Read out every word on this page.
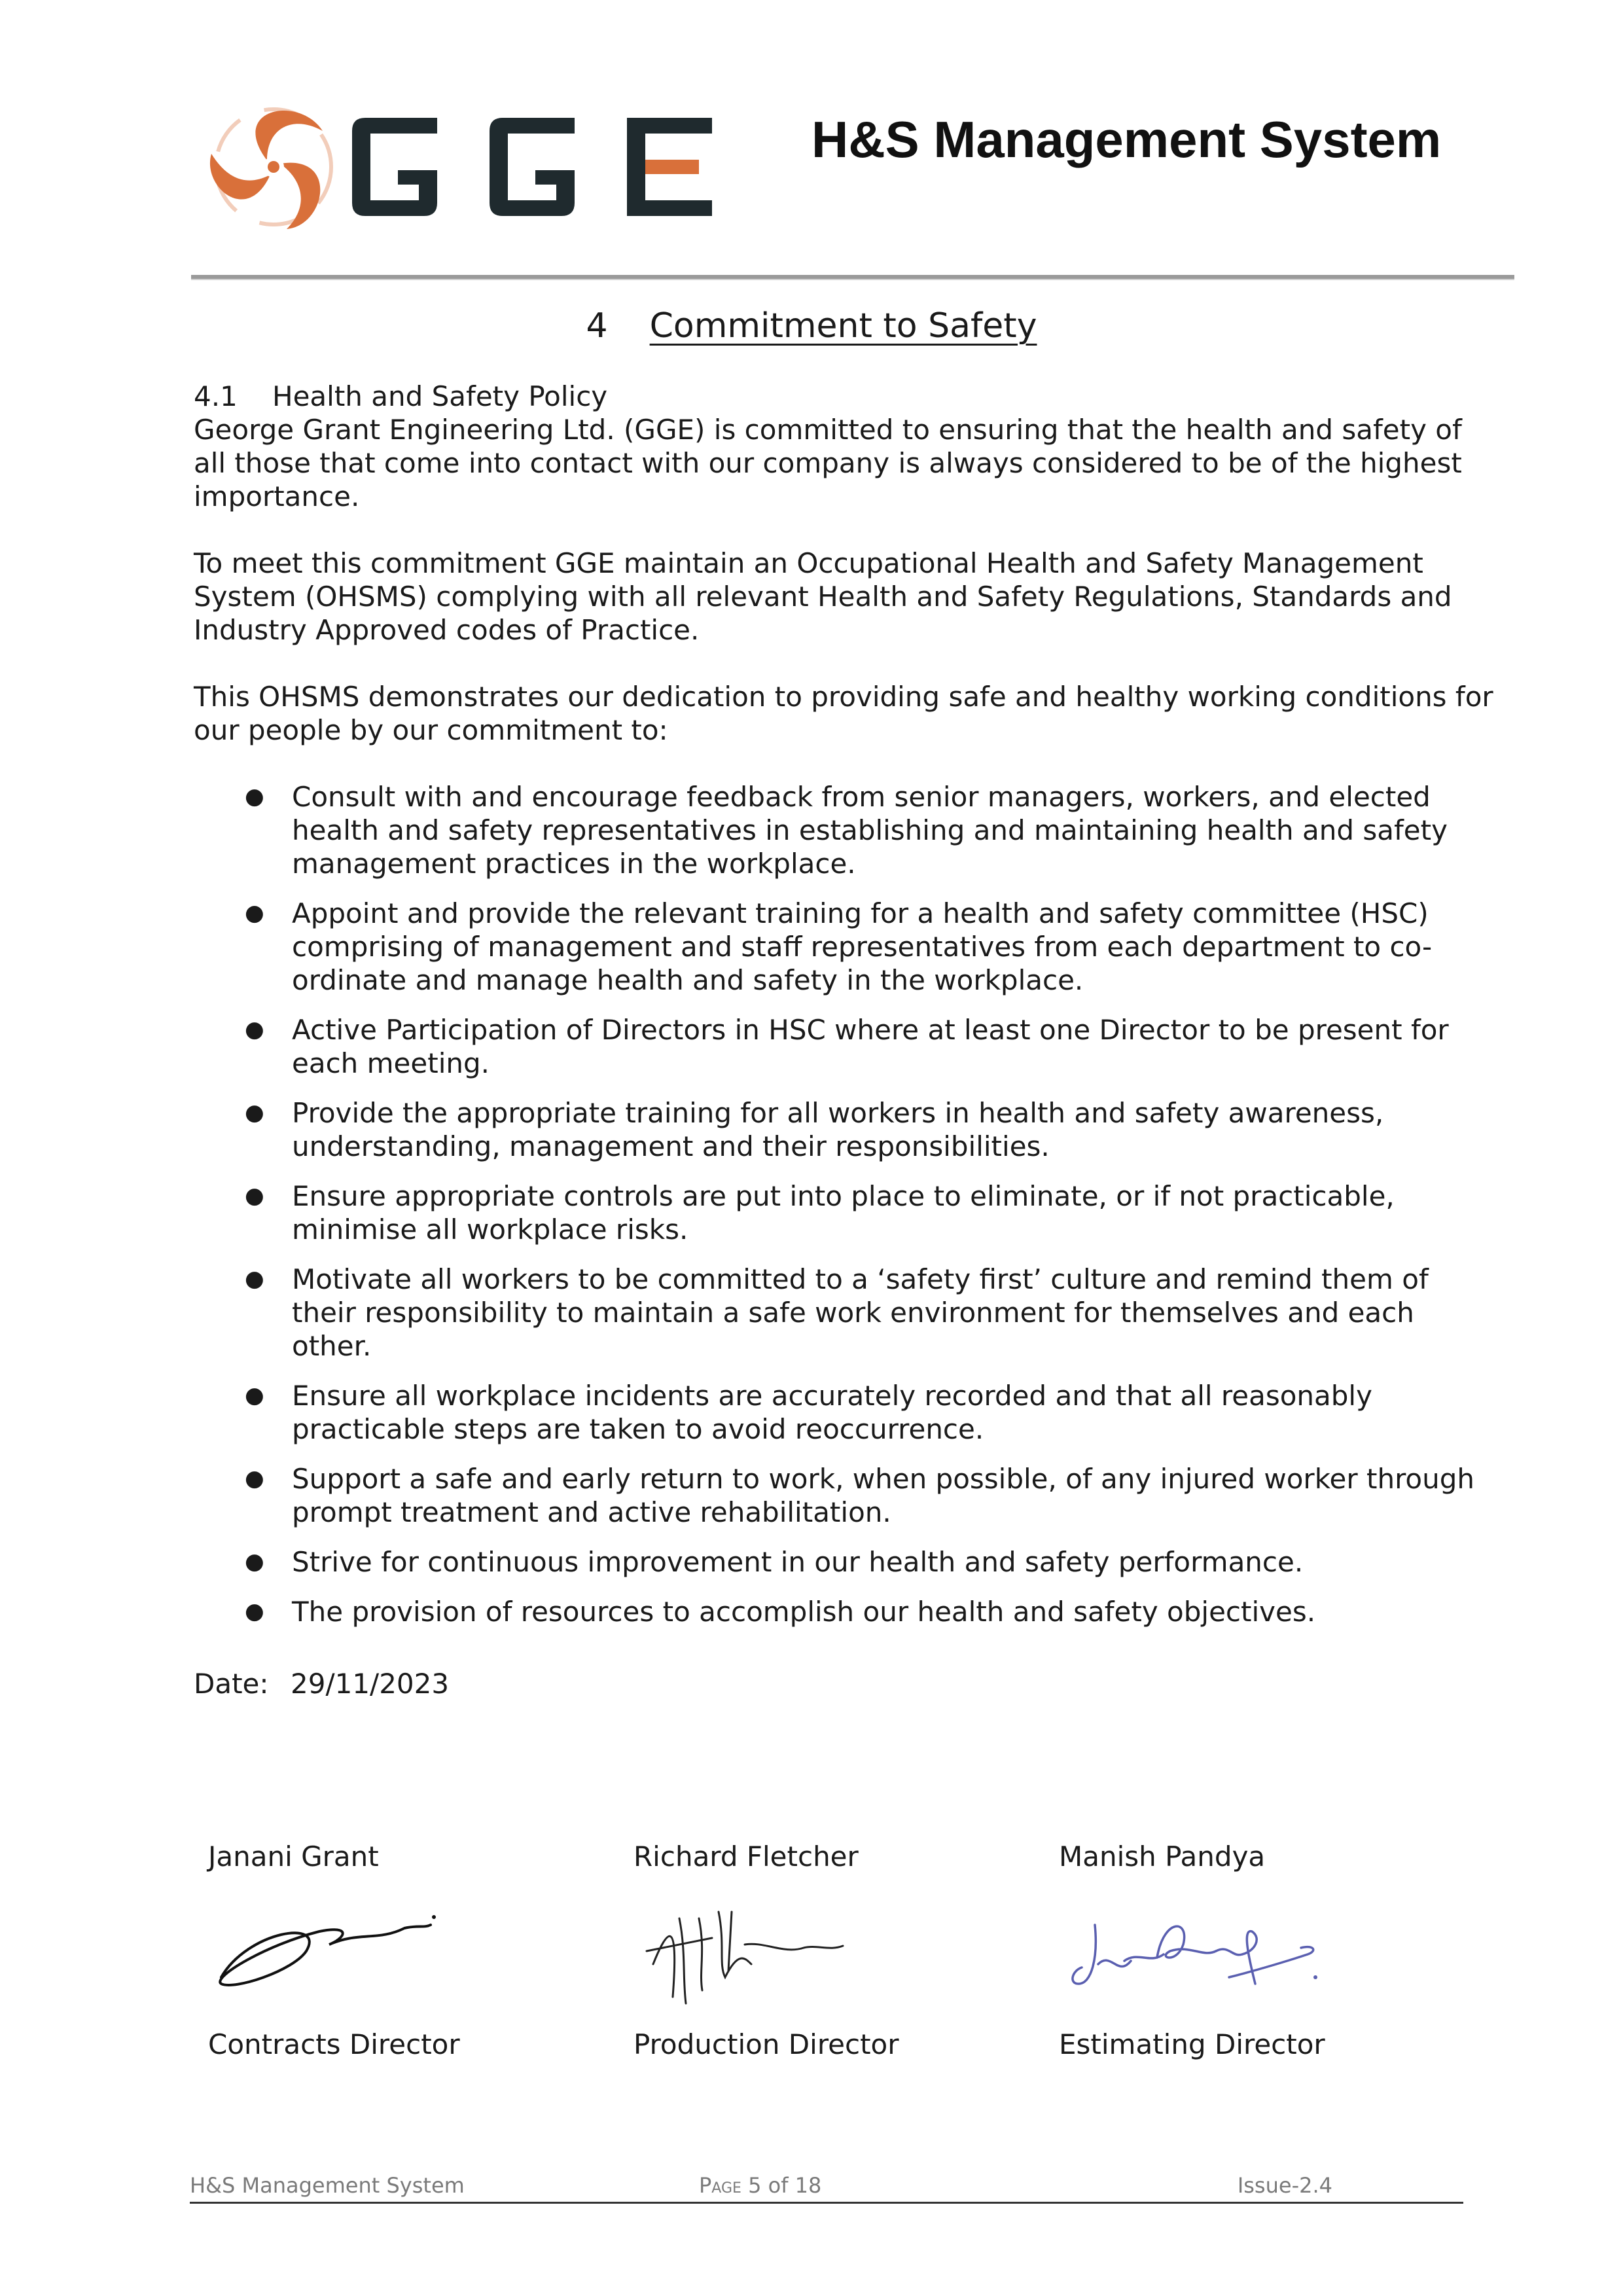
H&S Management System
4 Commitment to Safety
4.1 Health and Safety Policy

George Grant Engineering Ltd. (GGE) is committed to ensuring that the health and safety of all those that come into contact with our company is always considered to be of the highest importance.

To meet this commitment GGE maintain an Occupational Health and Safety Management System (OHSMS) complying with all relevant Health and Safety Regulations, Standards and Industry Approved codes of Practice.

This OHSMS demonstrates our dedication to providing safe and healthy working conditions for our people by our commitment to:

● Consult with and encourage feedback from senior managers, workers, and elected health and safety representatives in establishing and maintaining health and safety management practices in the workplace.
● Appoint and provide the relevant training for a health and safety committee (HSC) comprising of management and staff representatives from each department to co-ordinate and manage health and safety in the workplace.
● Active Participation of Directors in HSC where at least one Director to be present for each meeting.
● Provide the appropriate training for all workers in health and safety awareness, understanding, management and their responsibilities.
● Ensure appropriate controls are put into place to eliminate, or if not practicable, minimise all workplace risks.
● Motivate all workers to be committed to a ‘safety first’ culture and remind them of their responsibility to maintain a safe work environment for themselves and each other.
● Ensure all workplace incidents are accurately recorded and that all reasonably practicable steps are taken to avoid reoccurrence.
● Support a safe and early return to work, when possible, of any injured worker through prompt treatment and active rehabilitation.
● Strive for continuous improvement in our health and safety performance.
● The provision of resources to accomplish our health and safety objectives.
Date: 29/11/2023
Janani Grant
Contracts Director
Richard Fletcher
Production Director
Manish Pandya
Estimating Director
H&S Management System	Page 5 of 18	Issue-2.4
